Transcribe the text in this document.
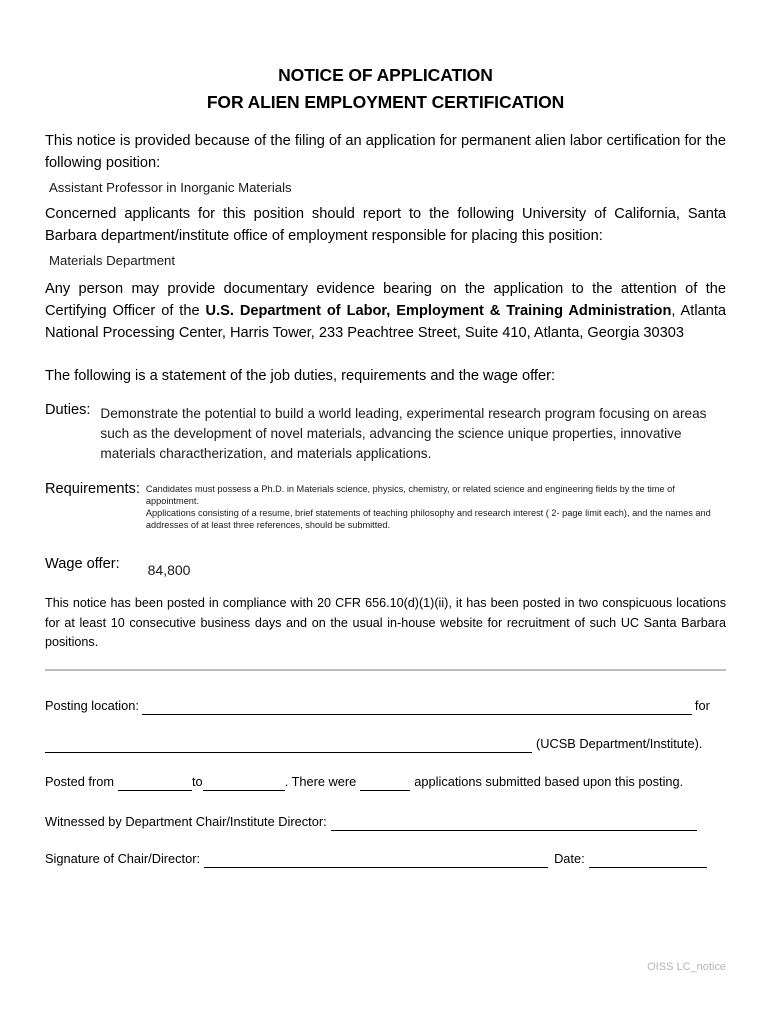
NOTICE OF APPLICATION
FOR ALIEN EMPLOYMENT CERTIFICATION

This notice is provided because of the filing of an application for permanent alien labor certification for the following position:

Assistant Professor in Inorganic Materials

Concerned applicants for this position should report to the following University of California, Santa Barbara department/institute office of employment responsible for placing this position:

Materials Department

Any person may provide documentary evidence bearing on the application to the attention of the Certifying Officer of the U.S. Department of Labor, Employment & Training Administration, Atlanta National Processing Center, Harris Tower, 233 Peachtree Street, Suite 410, Atlanta, Georgia 30303

The following is a statement of the job duties, requirements and the wage offer:

Duties: Demonstrate the potential to build a world leading, experimental research program focusing on areas such as the development of novel materials, advancing the science unique properties, innovative materials charactherization, and materials applications.
Requirements: Candidates must possess a Ph.D. in Materials science, physics, chemistry, or related science and engineering fields by the time of appointment.
Applications consisting of a resume, brief statements of teaching philosophy and research interest ( 2- page limit each), and the names and addresses of at least three references, should be submitted.
Wage offer: 84,800

This notice has been posted in compliance with 20 CFR 656.10(d)(1)(ii), it has been posted in two conspicuous locations for at least 10 consecutive business days and on the usual in-house website for recruitment of such UC Santa Barbara positions.

Posting location:	for
(UCSB Department/Institute).
Posted from	to	. There were	applications submitted based upon this posting.
Witnessed by Department Chair/Institute Director:
Signature of Chair/Director:	Date:
OISS LC_notice
